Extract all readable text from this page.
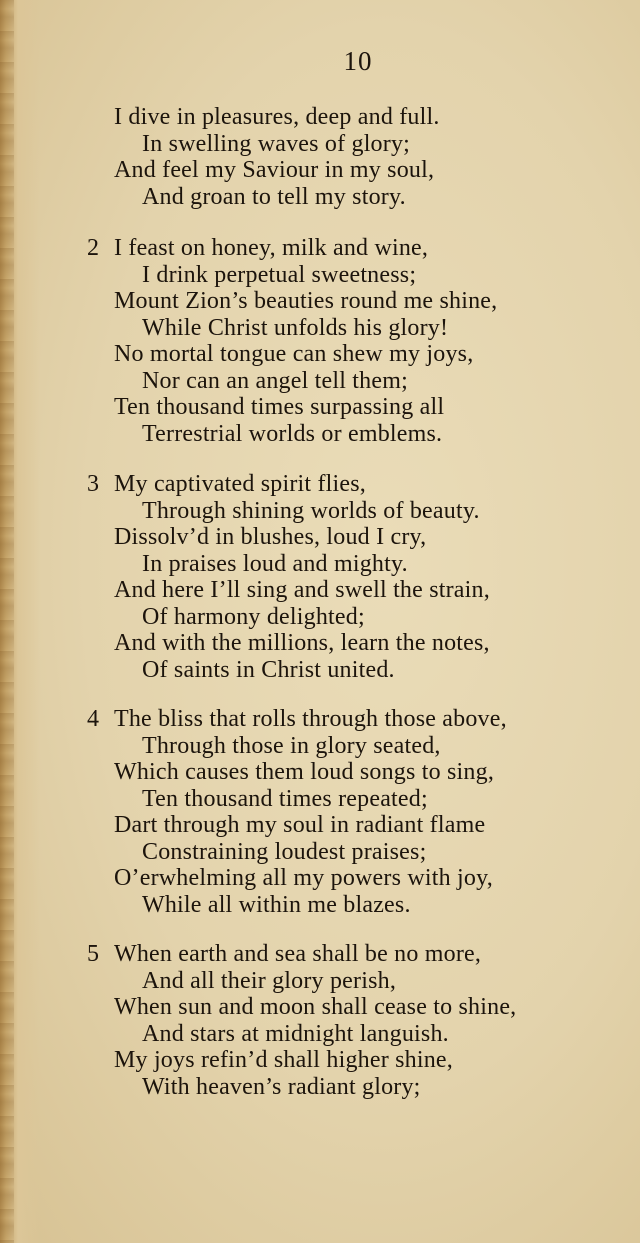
10
I dive in pleasures, deep and full.
In swelling waves of glory;
And feel my Saviour in my soul,
And groan to tell my story.
2 I feast on honey, milk and wine,
I drink perpetual sweetness;
Mount Zion’s beauties round me shine,
While Christ unfolds his glory!
No mortal tongue can shew my joys,
Nor can an angel tell them;
Ten thousand times surpassing all
Terrestrial worlds or emblems.
3 My captivated spirit flies,
Through shining worlds of beauty.
Dissolv’d in blushes, loud I cry,
In praises loud and mighty.
And here I’ll sing and swell the strain,
Of harmony delighted;
And with the millions, learn the notes,
Of saints in Christ united.
4 The bliss that rolls through those above,
Through those in glory seated,
Which causes them loud songs to sing,
Ten thousand times repeated;
Dart through my soul in radiant flame
Constraining loudest praises;
O’erwhelming all my powers with joy,
While all within me blazes.
5 When earth and sea shall be no more,
And all their glory perish,
When sun and moon shall cease to shine,
And stars at midnight languish.
My joys refin’d shall higher shine,
With heaven’s radiant glory;
